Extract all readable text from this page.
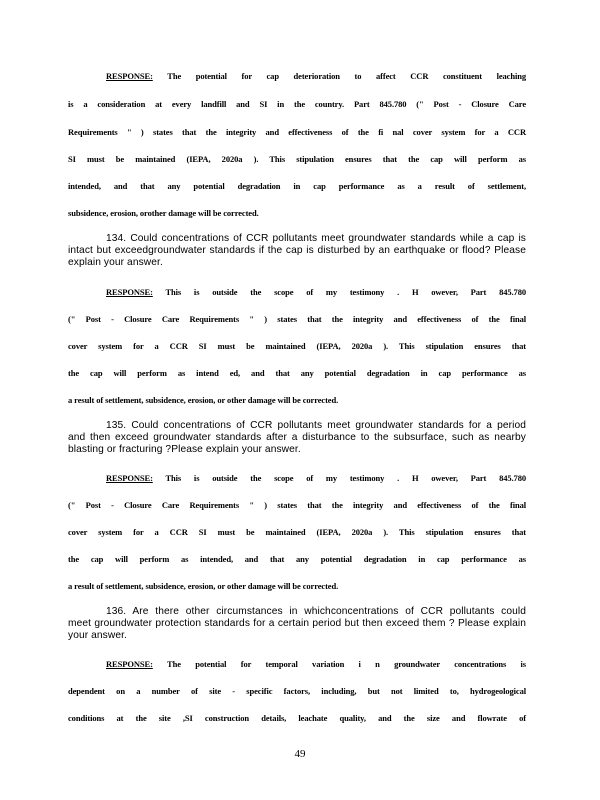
RESPONSE: The potential for cap deterioration to affect CCR constituent leaching
is a consideration at every landfill and SI in the country. Part 845.780 (" Post - Closure Care
Requirements " ) states that the integrity and effectiveness of the fi nal cover system for a CCR
SI must be maintained (IEPA, 2020a ). This stipulation ensures that the cap will perform as
intended, and that any potential degradation in cap performance as a result of settlement,
subsidence, erosion, orother damage will be corrected.
134. Could concentrations of CCR pollutants meet groundwater standards while a cap is
intact but exceedgroundwater standards if the cap is disturbed by an earthquake or flood? Please
explain your answer.
RESPONSE: This is outside the scope of my testimony . H owever, Part 845.780
(" Post - Closure Care Requirements " ) states that the integrity and effectiveness of the final
cover system for a CCR SI must be maintained (IEPA, 2020a ). This stipulation ensures that
the cap will perform as intend ed, and that any potential degradation in cap performance as
a result of settlement, subsidence, erosion, or other damage will be corrected.
135. Could concentrations of CCR pollutants meet groundwater standards for a period
and then exceed groundwater standards after a disturbance to the subsurface, such as nearby
blasting or fracturing ?Please explain your answer.
RESPONSE: This is outside the scope of my testimony . H owever, Part 845.780
(" Post - Closure Care Requirements " ) states that the integrity and effectiveness of the final
cover system for a CCR SI must be maintained (IEPA, 2020a ). This stipulation ensures that
the cap will perform as intended, and that any potential degradation in cap performance as
a result of settlement, subsidence, erosion, or other damage will be corrected.
136. Are there other circumstances in whichconcentrations of CCR pollutants could
meet groundwater protection standards for a certain period but then exceed them ? Please explain
your answer.
RESPONSE: The potential for temporal variation i n groundwater concentrations is
dependent on a number of site - specific factors, including, but not limited to, hydrogeological
conditions at the site ,SI construction details, leachate quality, and the size and flowrate of
49
